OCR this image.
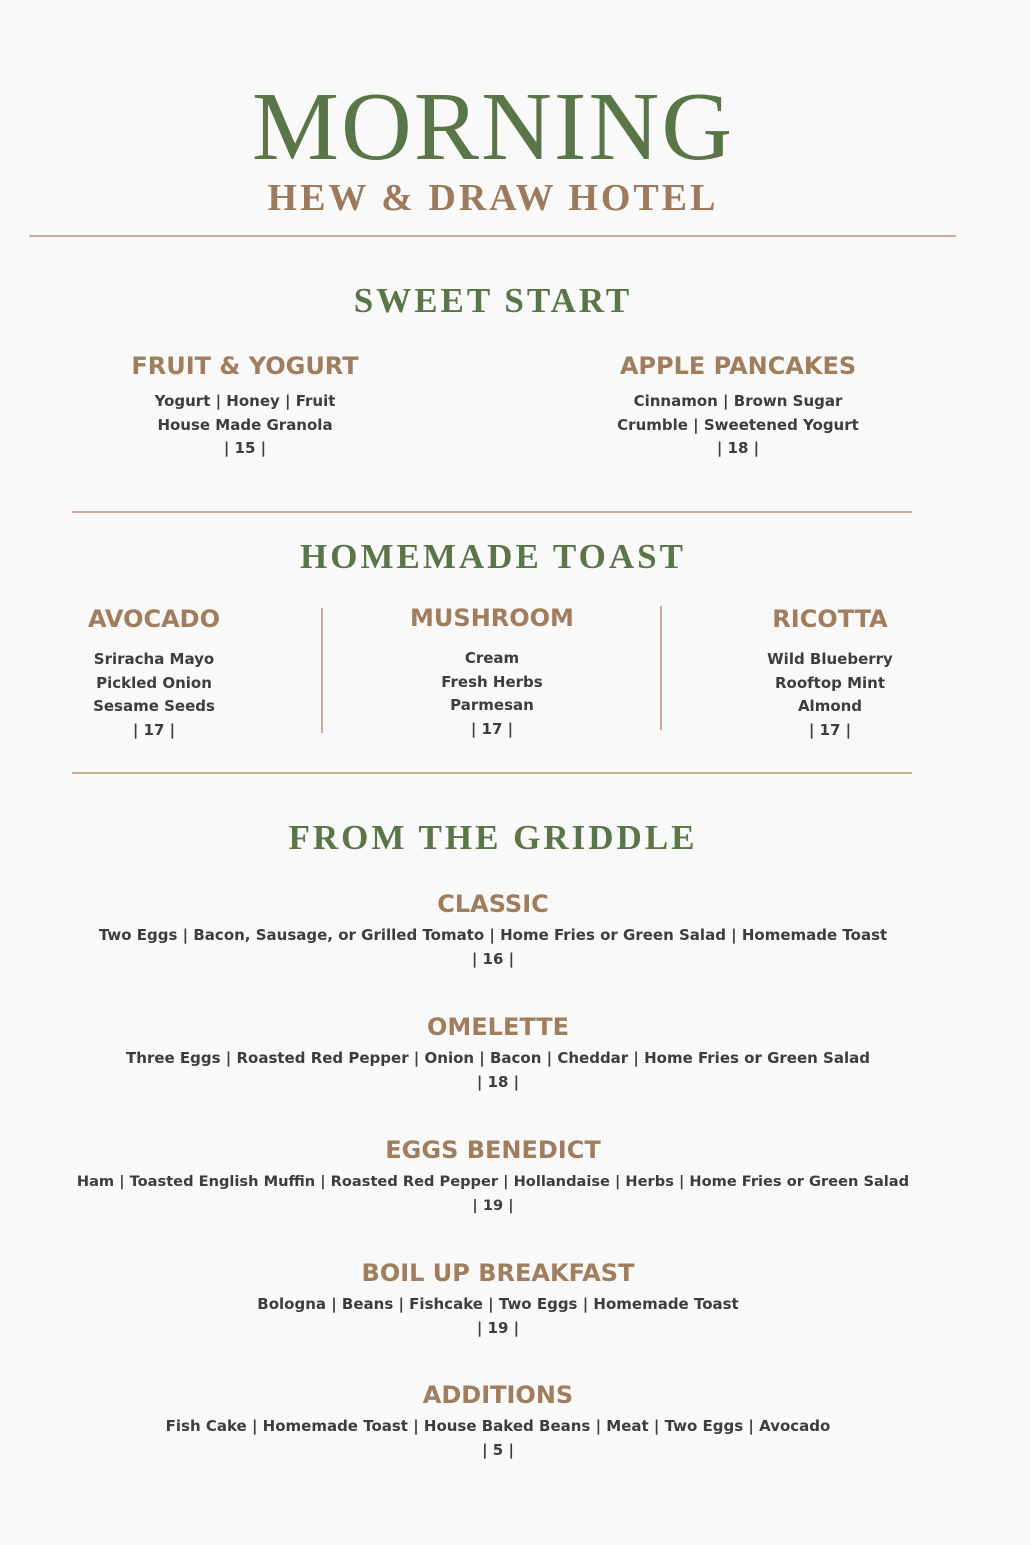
MORNING
HEW & DRAW HOTEL
SWEET START
FRUIT & YOGURT
Yogurt | Honey | Fruit
House Made Granola
| 15 |
APPLE PANCAKES
Cinnamon | Brown Sugar
Crumble | Sweetened Yogurt
| 18 |
HOMEMADE TOAST
AVOCADO
Sriracha Mayo
Pickled Onion
Sesame Seeds
| 17 |
MUSHROOM
Cream
Fresh Herbs
Parmesan
| 17 |
RICOTTA
Wild Blueberry
Rooftop Mint
Almond
| 17 |
FROM THE GRIDDLE
CLASSIC
Two Eggs | Bacon, Sausage, or Grilled Tomato | Home Fries or Green Salad | Homemade Toast
| 16 |
OMELETTE
Three Eggs | Roasted Red Pepper | Onion | Bacon | Cheddar | Home Fries or Green Salad
| 18 |
EGGS BENEDICT
Ham | Toasted English Muffin | Roasted Red Pepper | Hollandaise | Herbs | Home Fries or Green Salad
| 19 |
BOIL UP BREAKFAST
Bologna | Beans | Fishcake | Two Eggs | Homemade Toast
| 19 |
ADDITIONS
Fish Cake | Homemade Toast | House Baked Beans | Meat | Two Eggs | Avocado
| 5 |
